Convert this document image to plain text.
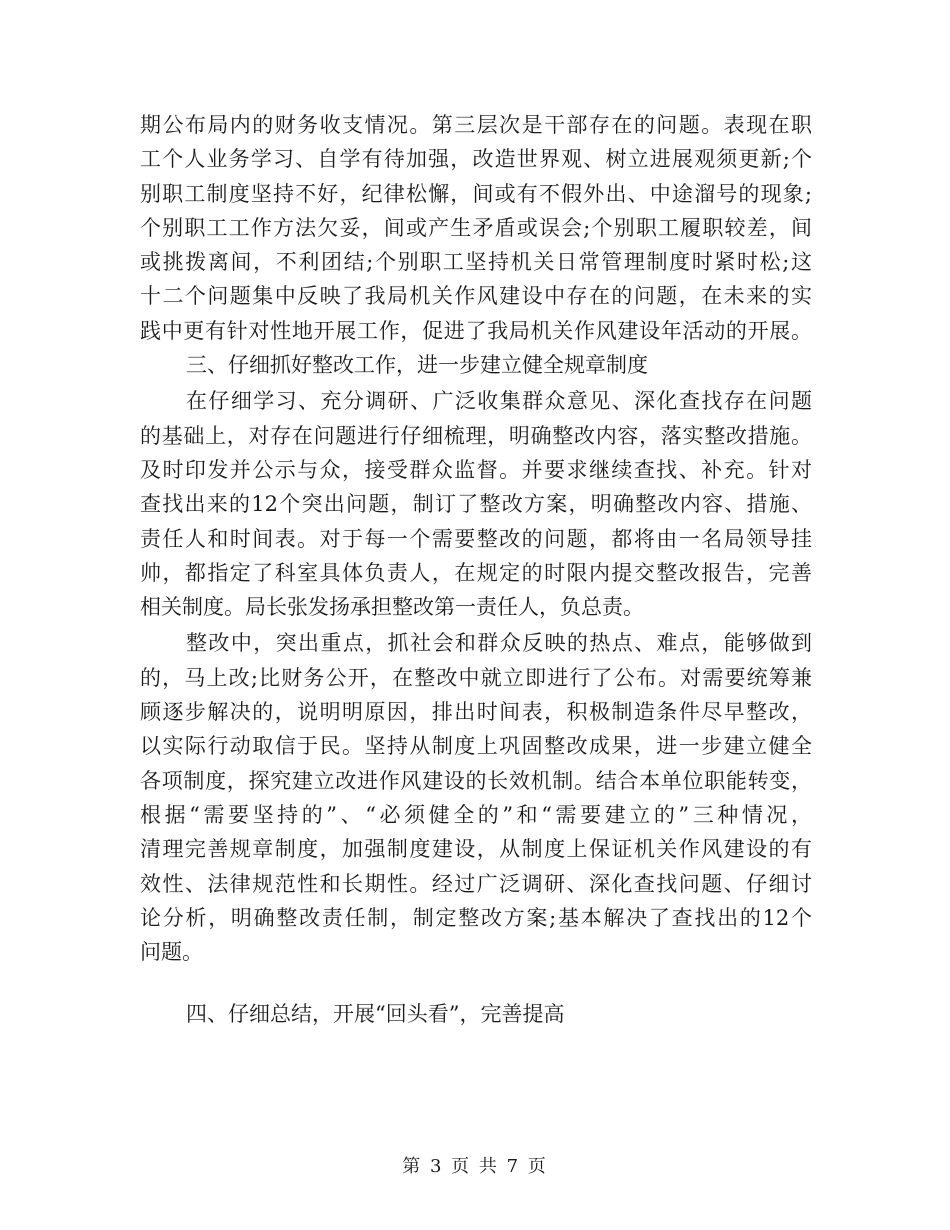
期公布局内的财务收支情况。第三层次是干部存在的问题。表现在职
工个人业务学习、自学有待加强，改造世界观、树立进展观须更新;个
别职工制度坚持不好，纪律松懈，间或有不假外出、中途溜号的现象;
个别职工工作方法欠妥，间或产生矛盾或误会;个别职工履职较差，间
或挑拨离间，不利团结;个别职工坚持机关日常管理制度时紧时松;这
十二个问题集中反映了我局机关作风建设中存在的问题，在未来的实
践中更有针对性地开展工作，促进了我局机关作风建设年活动的开展。
三、仔细抓好整改工作，进一步建立健全规章制度
在仔细学习、充分调研、广泛收集群众意见、深化查找存在问题
的基础上，对存在问题进行仔细梳理，明确整改内容，落实整改措施。
及时印发并公示与众，接受群众监督。并要求继续查找、补充。针对
查找出来的12个突出问题，制订了整改方案，明确整改内容、措施、
责任人和时间表。对于每一个需要整改的问题，都将由一名局领导挂
帅，都指定了科室具体负责人，在规定的时限内提交整改报告，完善
相关制度。局长张发扬承担整改第一责任人，负总责。
整改中，突出重点，抓社会和群众反映的热点、难点，能够做到
的，马上改;比财务公开，在整改中就立即进行了公布。对需要统筹兼
顾逐步解决的，说明明原因，排出时间表，积极制造条件尽早整改，
以实际行动取信于民。坚持从制度上巩固整改成果，进一步建立健全
各项制度，探究建立改进作风建设的长效机制。结合本单位职能转变，
根据“需要坚持的”、“必须健全的”和“需要建立的”三种情况，
清理完善规章制度，加强制度建设，从制度上保证机关作风建设的有
效性、法律规范性和长期性。经过广泛调研、深化查找问题、仔细讨
论分析，明确整改责任制，制定整改方案;基本解决了查找出的12个
问题。
四、仔细总结，开展“回头看”，完善提高
第 3 页 共 7 页
